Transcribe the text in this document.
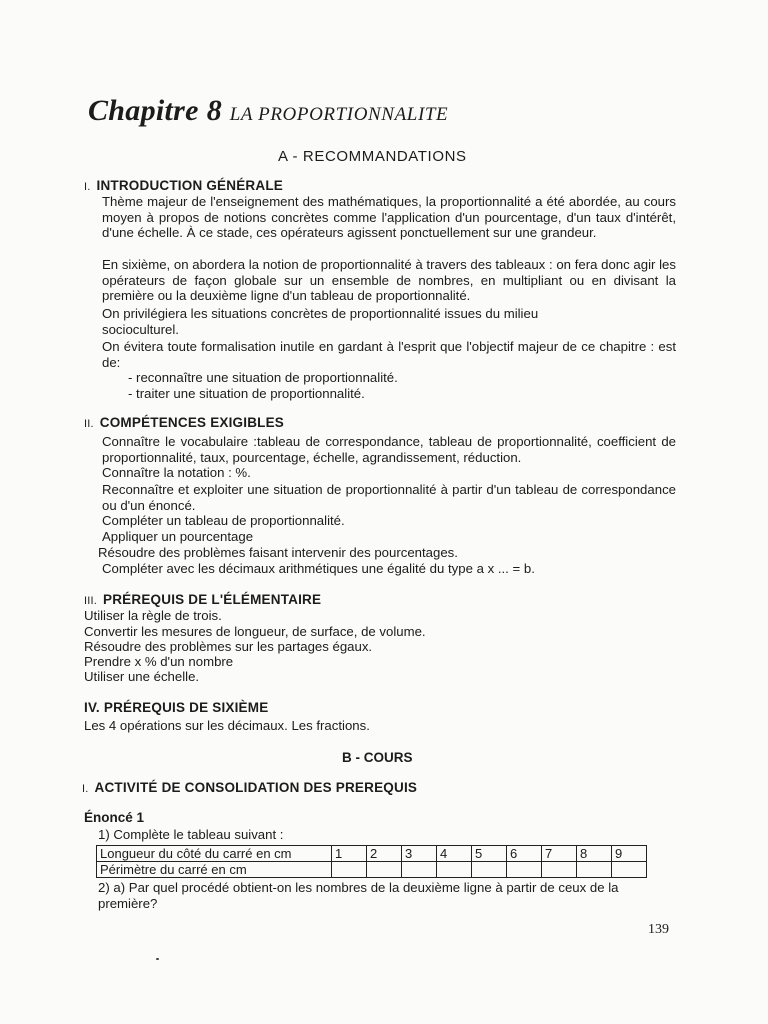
Chapitre 8 LA PROPORTIONNALITE
A - RECOMMANDATIONS
I. INTRODUCTION GÉNÉRALE
Thème majeur de l'enseignement des mathématiques, la proportionnalité a été abordée, au cours moyen à propos de notions concrètes comme l'application d'un pourcentage, d'un taux d'intérêt, d'une échelle. À ce stade, ces opérateurs agissent ponctuellement sur une grandeur.
En sixième, on abordera la notion de proportionnalité à travers des tableaux : on fera donc agir les opérateurs de façon globale sur un ensemble de nombres, en multipliant ou en divisant la première ou la deuxième ligne d'un tableau de proportionnalité.
On privilégiera les situations concrètes de proportionnalité issues du milieu socioculturel.
On évitera toute formalisation inutile en gardant à l'esprit que l'objectif majeur de ce chapitre : est de:
- reconnaître une situation de proportionnalité.
- traiter une situation de proportionnalité.
II. COMPÉTENCES EXIGIBLES
Connaître le vocabulaire :tableau de correspondance, tableau de proportionnalité, coefficient de proportionnalité, taux, pourcentage, échelle, agrandissement, réduction.
Connaître la notation : %.
Reconnaître et exploiter une situation de proportionnalité à partir d'un tableau de correspondance ou d'un énoncé.
Compléter un tableau de proportionnalité.
Appliquer un pourcentage
Résoudre des problèmes faisant intervenir des pourcentages.
Compléter avec les décimaux arithmétiques une égalité du type a x ... = b.
III. PRÉREQUIS DE L'ÉLÉMENTAIRE
Utiliser la règle de trois.
Convertir les mesures de longueur, de surface, de volume.
Résoudre des problèmes sur les partages égaux.
Prendre x % d'un nombre
Utiliser une échelle.
IV. PRÉREQUIS DE SIXIÈME
Les 4 opérations sur les décimaux. Les fractions.
B - COURS
I. ACTIVITÉ DE CONSOLIDATION DES PREREQUIS
Énoncé 1
1) Complète le tableau suivant :
Longueur du côté du carré en cm	1	2	3	4	5	6	7	8	9
Périmètre du carré en cm									
2) a) Par quel procédé obtient-on les nombres de la deuxième ligne à partir de ceux de la première?
139
